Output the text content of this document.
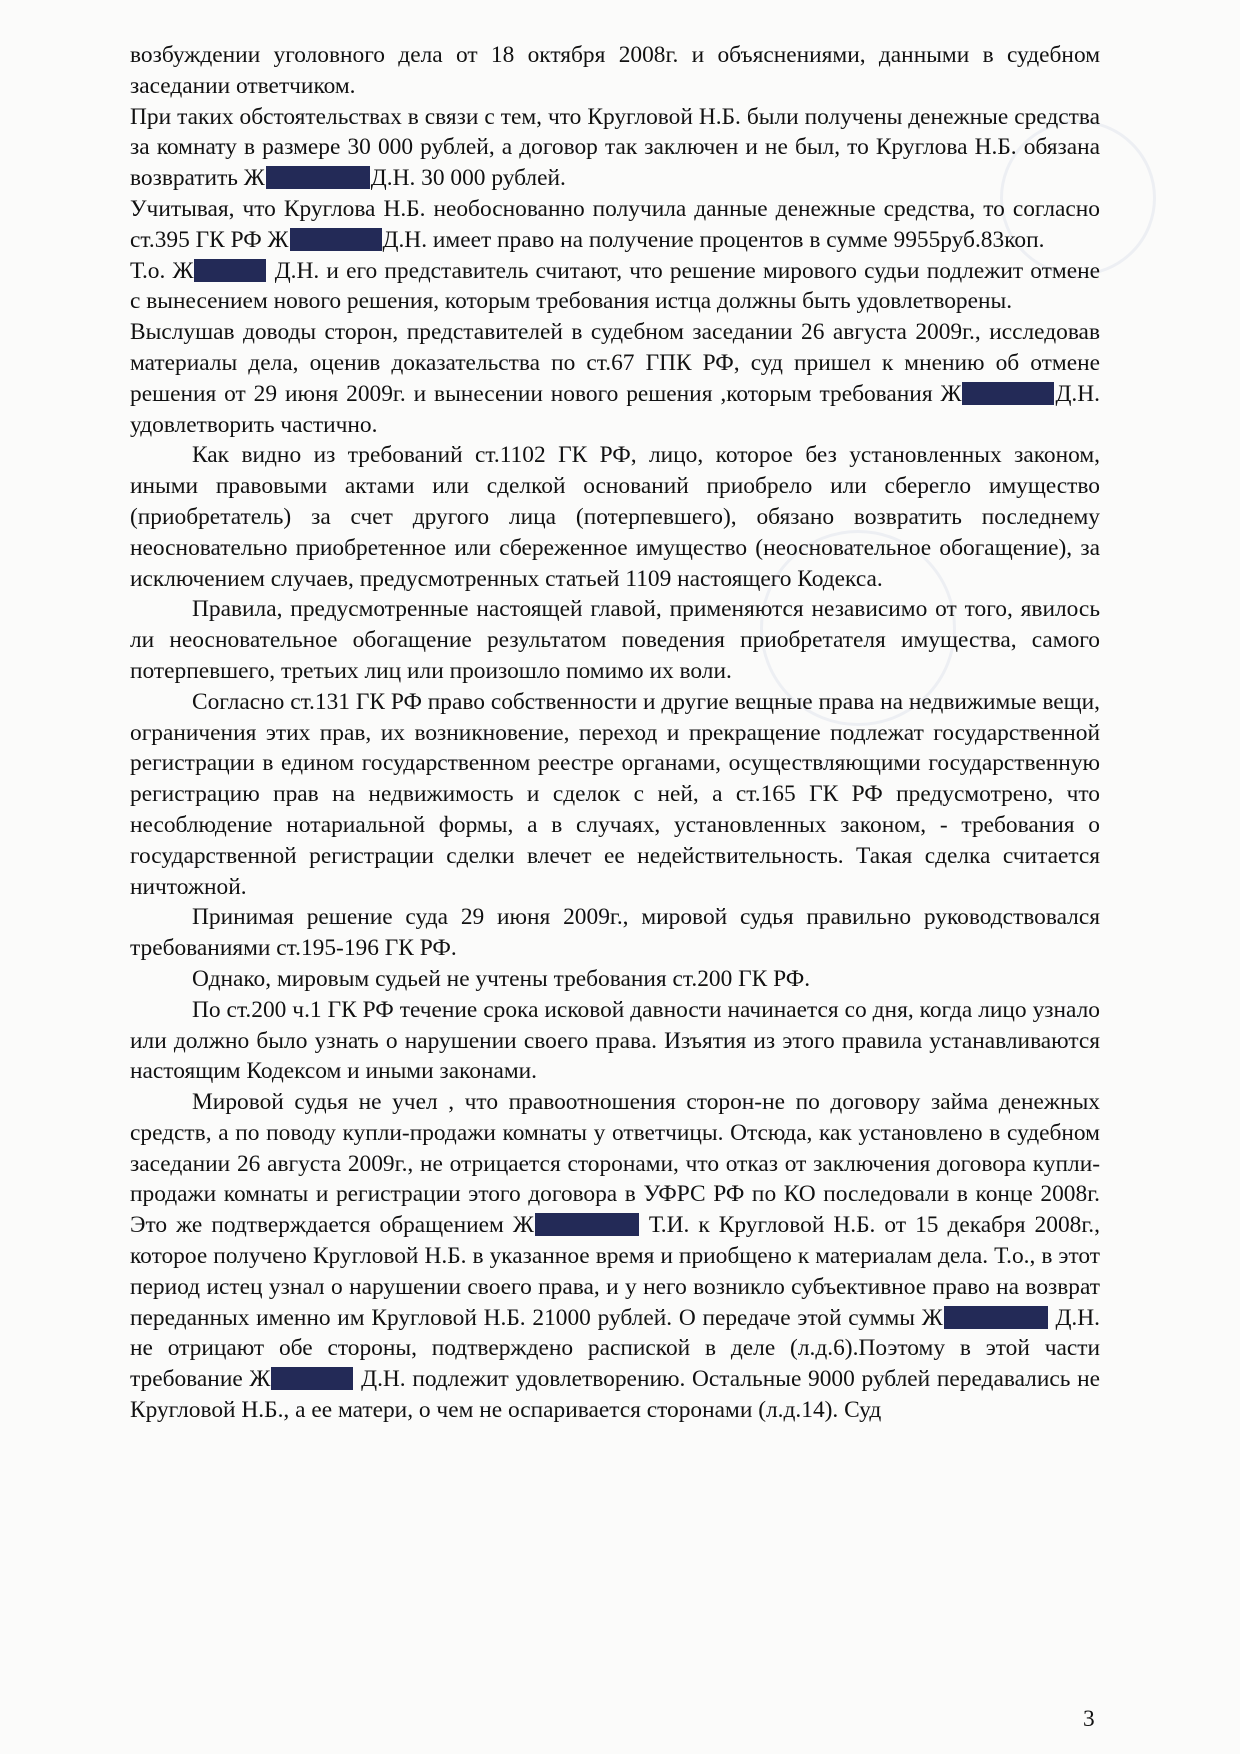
возбуждении уголовного дела от 18 октября 2008г. и объяснениями, данными в судебном заседании ответчиком.

При таких обстоятельствах в связи с тем, что Кругловой Н.Б. были получены денежные средства за комнату в размере 30 000 рублей, а договор так заключен и не был, то Круглова Н.Б. обязана возвратить Ж	Д.Н. 30 000 рублей.

Учитывая, что Круглова Н.Б. необоснованно получила данные денежные средства, то согласно ст.395 ГК РФ Ж	Д.Н. имеет право на получение процентов в сумме 9955руб.83коп.

Т.о. Ж	Д.Н. и его представитель считают, что решение мирового судьи подлежит отмене с вынесением нового решения, которым требования истца должны быть удовлетворены.

Выслушав доводы сторон, представителей в судебном заседании 26 августа 2009г., исследовав материалы дела, оценив доказательства по ст.67 ГПК РФ, суд пришел к мнению об отмене решения от 29 июня 2009г. и вынесении нового решения ,которым требования Ж	Д.Н. удовлетворить частично.

Как видно из требований ст.1102 ГК РФ, лицо, которое без установленных законом, иными правовыми актами или сделкой оснований приобрело или сберегло имущество (приобретатель) за счет другого лица (потерпевшего), обязано возвратить последнему неосновательно приобретенное или сбереженное имущество (неосновательное обогащение), за исключением случаев, предусмотренных статьей 1109 настоящего Кодекса.

Правила, предусмотренные настоящей главой, применяются независимо от того, явилось ли неосновательное обогащение результатом поведения приобретателя имущества, самого потерпевшего, третьих лиц или произошло помимо их воли.

Согласно ст.131 ГК РФ право собственности и другие вещные права на недвижимые вещи, ограничения этих прав, их возникновение, переход и прекращение подлежат государственной регистрации в едином государственном реестре органами, осуществляющими государственную регистрацию прав на недвижимость и сделок с ней, а ст.165 ГК РФ предусмотрено, что несоблюдение нотариальной формы, а в случаях, установленных законом, - требования о государственной регистрации сделки влечет ее недействительность. Такая сделка считается ничтожной.

Принимая решение суда 29 июня 2009г., мировой судья правильно руководствовался требованиями ст.195-196 ГК РФ.

Однако, мировым судьей не учтены требования ст.200 ГК РФ.

По ст.200 ч.1 ГК РФ течение срока исковой давности начинается со дня, когда лицо узнало или должно было узнать о нарушении своего права. Изъятия из этого правила устанавливаются настоящим Кодексом и иными законами.

Мировой судья не учел , что правоотношения сторон-не по договору займа денежных средств, а по поводу купли-продажи комнаты у ответчицы. Отсюда, как установлено в судебном заседании 26 августа 2009г., не отрицается сторонами, что отказ от заключения договора купли-продажи комнаты и регистрации этого договора в УФРС РФ по КО последовали в конце 2008г. Это же подтверждается обращением Ж	Т.И. к Кругловой Н.Б. от 15 декабря 2008г., которое получено Кругловой Н.Б. в указанное время и приобщено к материалам дела. Т.о., в этот период истец узнал о нарушении своего права, и у него возникло субъективное право на возврат переданных именно им Кругловой Н.Б. 21000 рублей. О передаче этой суммы Ж	Д.Н. не отрицают обе стороны, подтверждено распиской в деле (л.д.6).Поэтому в этой части требование Ж	Д.Н. подлежит удовлетворению. Остальные 9000 рублей передавались не Кругловой Н.Б., а ее матери, о чем не оспаривается сторонами (л.д.14). Суд

3
